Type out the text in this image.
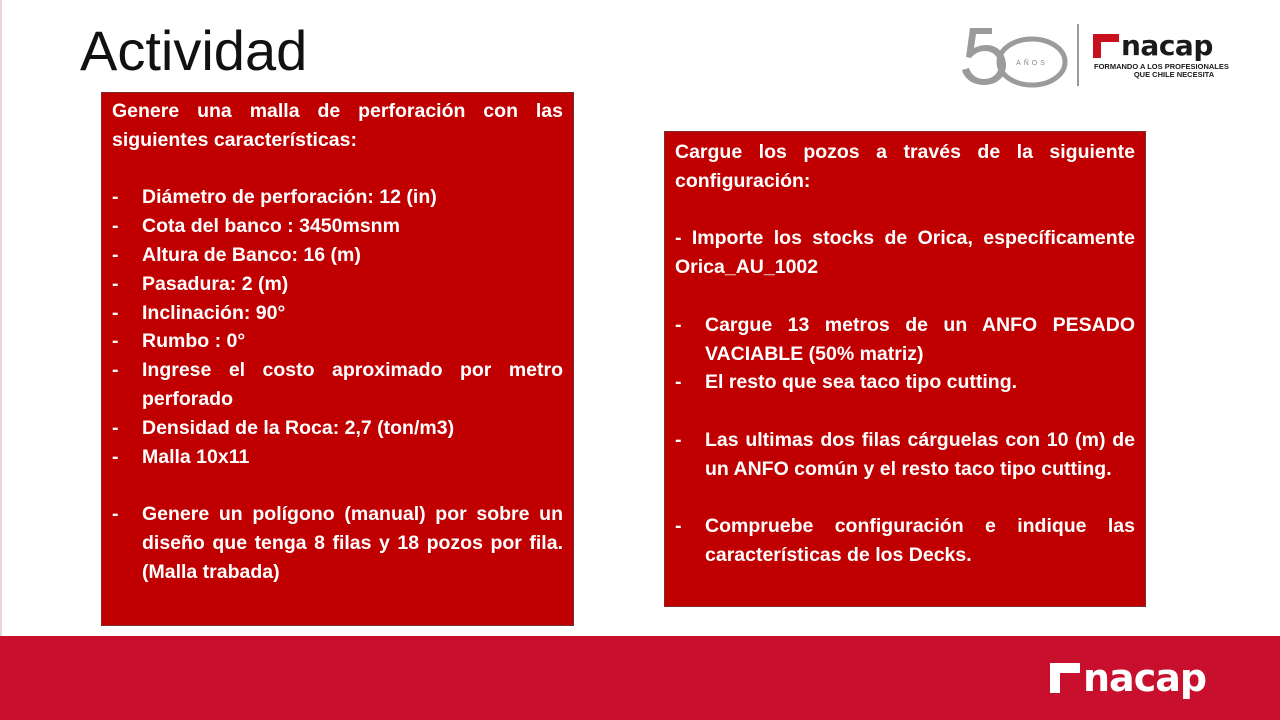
Actividad	AÑOS
nacap
FORMANDO A LOS PROFESIONALES
QUE CHILE NECESITA
Genere una malla de perforación con las siguientes características:
-	Diámetro de perforación: 12 (in)
-	Cota del banco : 3450msnm
-	Altura de Banco: 16 (m)
-	Pasadura: 2 (m)
-	Inclinación: 90°
-	Rumbo : 0°
-	Ingrese el costo aproximado por metro perforado
-	Densidad de la Roca: 2,7 (ton/m3)
-	Malla 10x11
-	Genere un polígono (manual) por sobre un diseño que tenga 8 filas y 18 pozos por fila. (Malla trabada)
Cargue los pozos a través de la siguiente configuración:
- Importe los stocks de Orica, específicamente Orica_AU_1002
-	Cargue 13 metros de un ANFO PESADO VACIABLE (50% matriz)
-	El resto que sea taco tipo cutting.
-	Las ultimas dos filas cárguelas con 10 (m) de un ANFO común y el resto taco tipo cutting.
-	Compruebe configuración e indique las características de los Decks.
nacap
